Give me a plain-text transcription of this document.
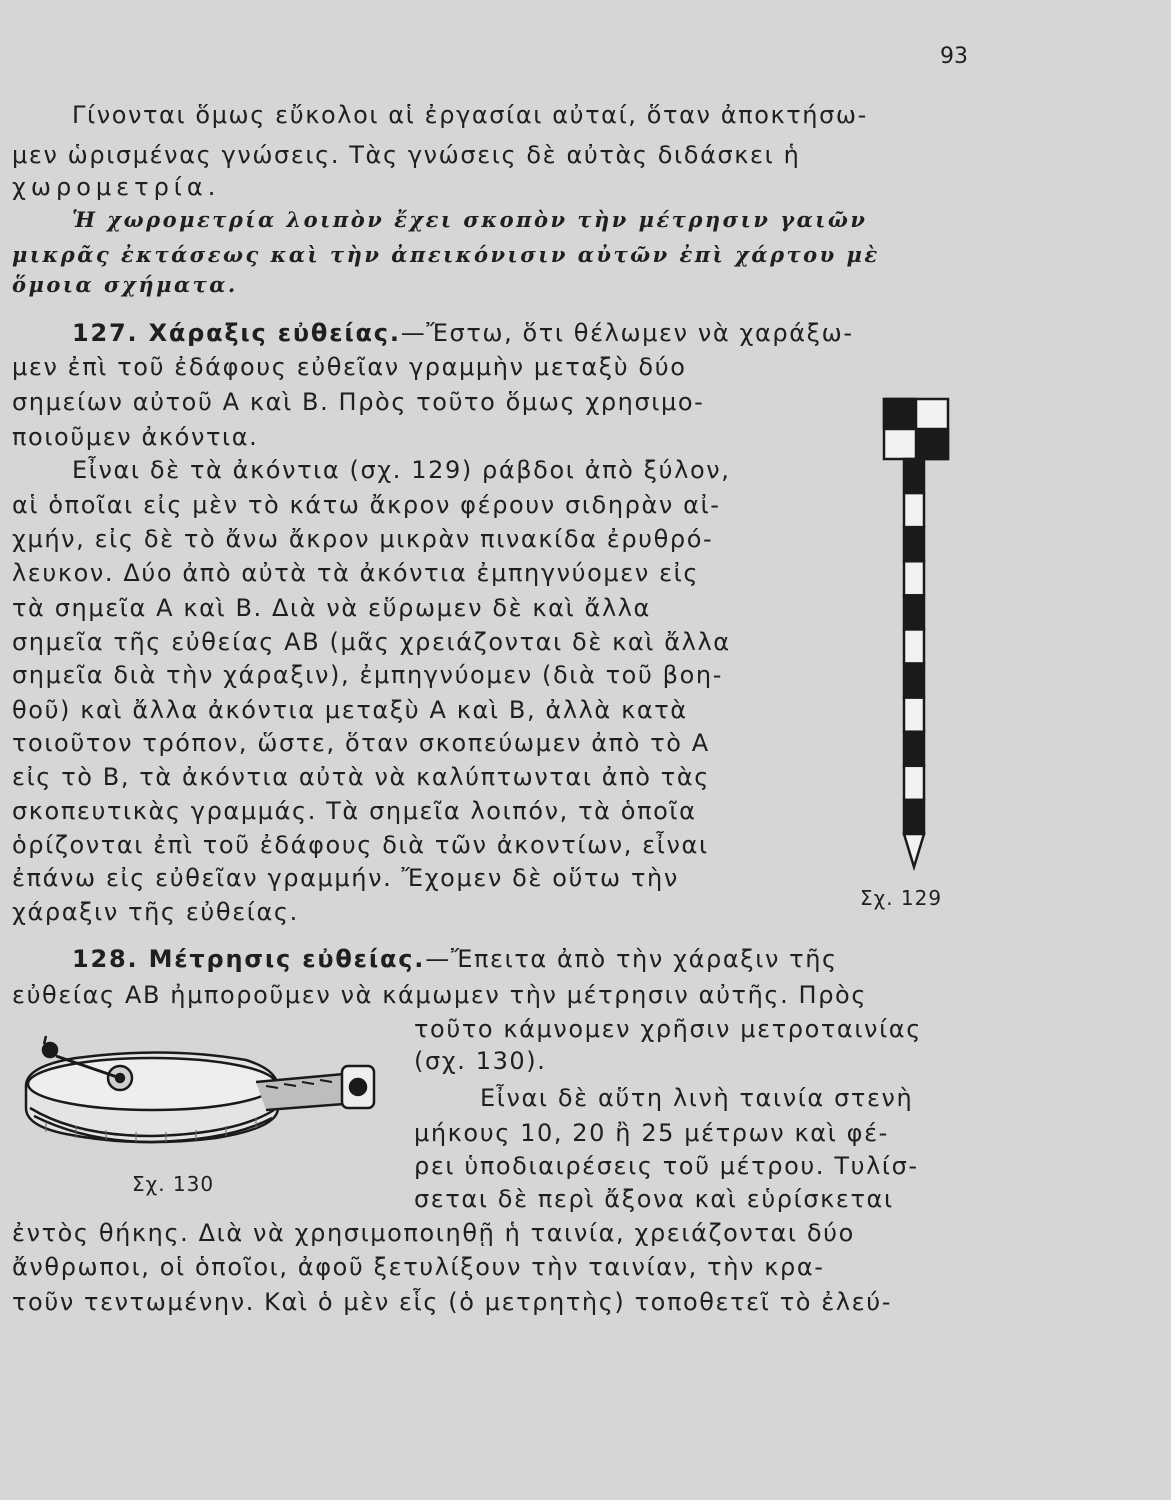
93
Γίνονται ὅμως εὔκολοι αἱ ἐργασίαι αὐταί, ὅταν ἀποκτήσω-
μεν ὡρισμένας γνώσεις. Τὰς γνώσεις δὲ αὐτὰς διδάσκει ἡ
χωρομετρία.
Ἡ χωρομετρία λοιπὸν ἔχει σκοπὸν τὴν μέτρησιν γαιῶν
μικρᾶς ἐκτάσεως καὶ τὴν ἀπεικόνισιν αὐτῶν ἐπὶ χάρτου μὲ
ὅμοια σχήματα.
127. Χάραξις εὐθείας.—Ἔστω, ὅτι θέλωμεν νὰ χαράξω-
μεν ἐπὶ τοῦ ἐδάφους εὐθεῖαν γραμμὴν μεταξὺ δύο
σημείων αὐτοῦ Α καὶ Β. Πρὸς τοῦτο ὅμως χρησιμο-
ποιοῦμεν ἀκόντια.
Εἶναι δὲ τὰ ἀκόντια (σχ. 129) ράβδοι ἀπὸ ξύλον,
αἱ ὁποῖαι εἰς μὲν τὸ κάτω ἄκρον φέρουν σιδηρὰν αἰ-
χμήν, εἰς δὲ τὸ ἄνω ἄκρον μικρὰν πινακίδα ἐρυθρό-
λευκον. Δύο ἀπὸ αὐτὰ τὰ ἀκόντια ἐμπηγνύομεν εἰς
τὰ σημεῖα Α καὶ Β. Διὰ νὰ εὕρωμεν δὲ καὶ ἄλλα
σημεῖα τῆς εὐθείας ΑΒ (μᾶς χρειάζονται δὲ καὶ ἄλλα
σημεῖα διὰ τὴν χάραξιν), ἐμπηγνύομεν (διὰ τοῦ βοη-
θοῦ) καὶ ἄλλα ἀκόντια μεταξὺ Α καὶ Β, ἀλλὰ κατὰ
τοιοῦτον τρόπον, ὥστε, ὅταν σκοπεύωμεν ἀπὸ τὸ Α
εἰς τὸ Β, τὰ ἀκόντια αὐτὰ νὰ καλύπτωνται ἀπὸ τὰς
σκοπευτικὰς γραμμάς. Τὰ σημεῖα λοιπόν, τὰ ὁποῖα
ὁρίζονται ἐπὶ τοῦ ἐδάφους διὰ τῶν ἀκοντίων, εἶναι
ἐπάνω εἰς εὐθεῖαν γραμμήν. Ἔχομεν δὲ οὕτω τὴν
χάραξιν τῆς εὐθείας.	Σχ. 129
128. Μέτρησις εὐθείας.—Ἔπειτα ἀπὸ τὴν χάραξιν τῆς
εὐθείας ΑΒ ἠμποροῦμεν νὰ κάμωμεν τὴν μέτρησιν αὐτῆς. Πρὸς
τοῦτο κάμνομεν χρῆσιν μετροταινίας
(σχ. 130).
Εἶναι δὲ αὕτη λινὴ ταινία στενὴ
μήκους 10, 20 ἢ 25 μέτρων καὶ φέ-
ρει ὑποδιαιρέσεις τοῦ μέτρου. Τυλίσ-
σεται δὲ περὶ ἄξονα καὶ εὑρίσκεται
ἐντὸς θήκης. Διὰ νὰ χρησιμοποιηθῇ ἡ ταινία, χρειάζονται δύο
ἄνθρωποι, οἱ ὁποῖοι, ἀφοῦ ξετυλίξουν τὴν ταινίαν, τὴν κρα-
τοῦν τεντωμένην. Καὶ ὁ μὲν εἷς (ὁ μετρητὴς) τοποθετεῖ τὸ ἐλεύ-
Σχ. 130
